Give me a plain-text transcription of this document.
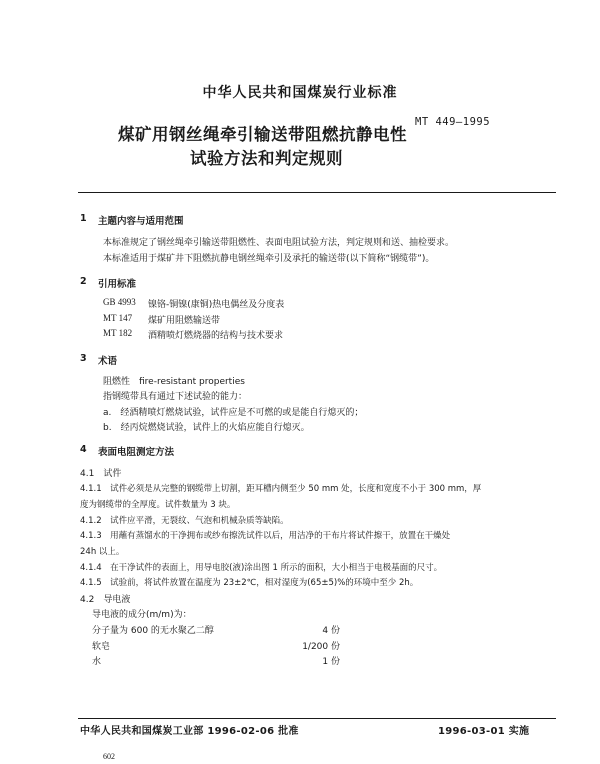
中华人民共和国煤炭行业标准
煤矿用钢丝绳牵引输送带阻燃抗静电性
试验方法和判定规则
MT 449—1995
1 主题内容与适用范围
本标准规定了钢丝绳牵引输送带阻燃性、表面电阻试验方法，判定规则和送、抽检要求。
本标准适用于煤矿井下阻燃抗静电钢丝绳牵引及承托的输送带(以下简称“钢缆带”)。
2 引用标准
GB 4993 镍铬-铜镍(康铜)热电偶丝及分度表
MT 147 煤矿用阻燃输送带
MT 182 酒精喷灯燃烧器的结构与技术要求
3 术语
阻燃性　fire-resistant properties
指钢缆带具有通过下述试验的能力：
a.　经酒精喷灯燃烧试验，试件应是不可燃的或是能自行熄灭的；
b.　经丙烷燃烧试验，试件上的火焰应能自行熄灭。
4 表面电阻测定方法
4.1　试件
4.1.1　试件必须是从完整的钢缆带上切割，距耳槽内侧至少 50 mm 处，长度和宽度不小于 300 mm，厚
度为钢缆带的全厚度。试件数量为 3 块。
4.1.2　试件应平滑，无裂纹、气泡和机械杂质等缺陷。
4.1.3　用蘸有蒸馏水的干净拥布或纱布擦洗试件以后，用洁净的干布片将试件擦干，放置在干燥处
24h 以上。
4.1.4　在干净试件的表面上，用导电胶(液)涂出图 1 所示的面积，大小相当于电极基面的尺寸。
4.1.5　试验前，将试件放置在温度为 23±2℃，相对湿度为(65±5)%的环境中至少 2h。
4.2　导电液
导电液的成分(m/m)为：
分子量为 600 的无水聚乙二醇	4 份
软皂	1/200 份
水	1 份
中华人民共和国煤炭工业部 1996-02-06 批准	1996-03-01 实施
602
